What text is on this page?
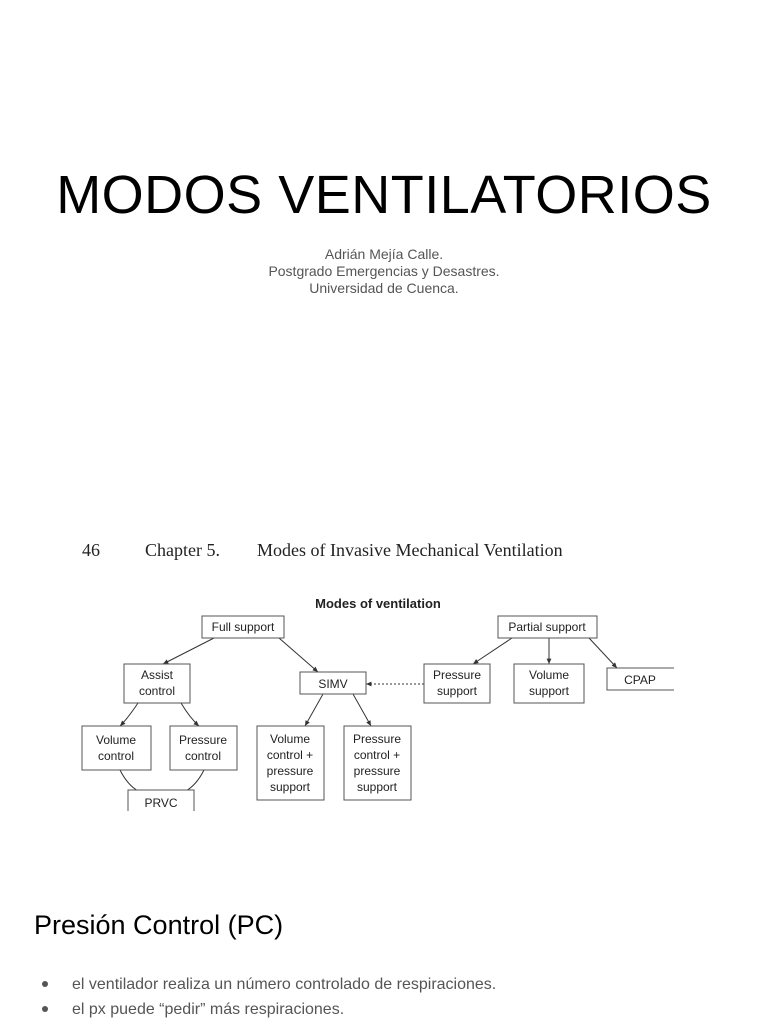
MODOS VENTILATORIOS
Adrián Mejía Calle.
Postgrado Emergencias y Desastres.
Universidad de Cuenca.
46	Chapter 5. Modes of Invasive Mechanical Ventilation
Modes of ventilation
Full support	Partial support
Assist
control	SIMV
Pressure
support
Volume
support
CPAP
Volume
control
Pressure
control
Volume
control +
pressure
support
Pressure
control +
pressure
support
PRVC
Presión Control (PC)
el ventilador realiza un número controlado de respiraciones.
el px puede “pedir” más respiraciones.
